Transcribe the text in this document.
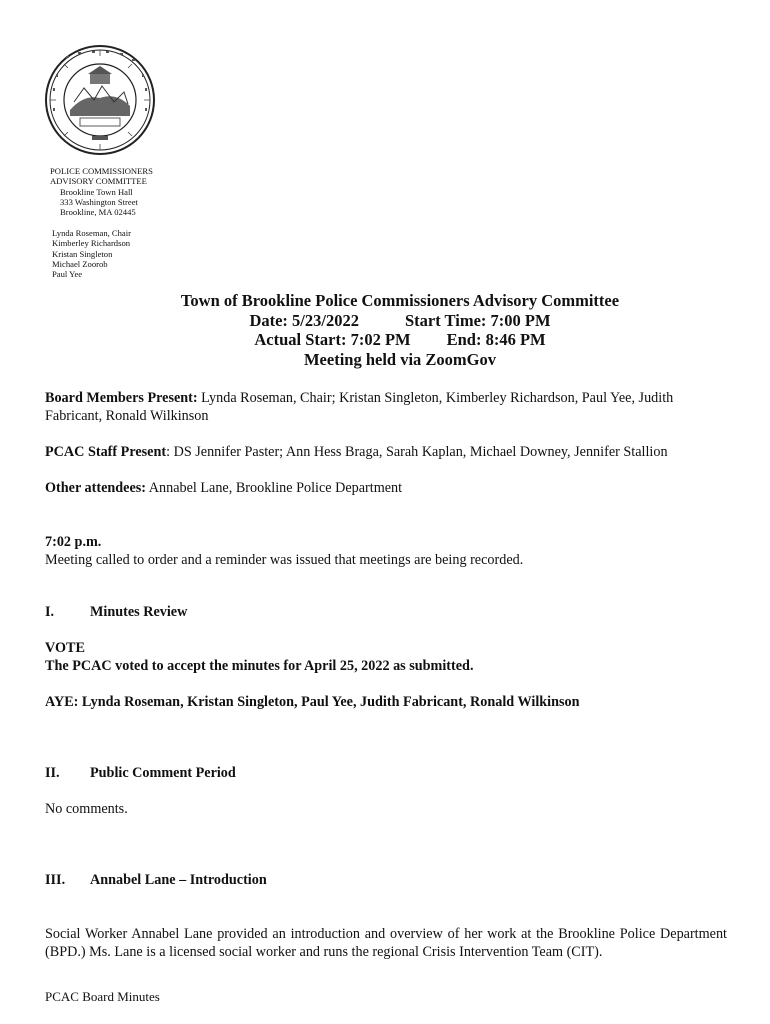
POLICE COMMISSIONERS
ADVISORY COMMITTEE
Brookline Town Hall
333 Washington Street
Brookline, MA 02445
Lynda Roseman, Chair
Kimberley Richardson
Kristan Singleton
Michael Zoorob
Paul Yee
Town of Brookline Police Commissioners Advisory Committee
Date: 5/23/2022	Start Time: 7:00 PM
Actual Start: 7:02 PM End: 8:46 PM
Meeting held via ZoomGov
Board Members Present: Lynda Roseman, Chair; Kristan Singleton, Kimberley Richardson, Paul Yee, Judith Fabricant, Ronald Wilkinson
PCAC Staff Present: DS Jennifer Paster; Ann Hess Braga, Sarah Kaplan, Michael Downey, Jennifer Stallion
Other attendees: Annabel Lane, Brookline Police Department
7:02 p.m.
Meeting called to order and a reminder was issued that meetings are being recorded.
I.	Minutes Review
VOTE
The PCAC voted to accept the minutes for April 25, 2022 as submitted.
AYE: Lynda Roseman, Kristan Singleton, Paul Yee, Judith Fabricant, Ronald Wilkinson
II. Public Comment Period
No comments.
III. Annabel Lane – Introduction
Social Worker Annabel Lane provided an introduction and overview of her work at the Brookline Police Department (BPD.) Ms. Lane is a licensed social worker and runs the regional Crisis Intervention Team (CIT).
PCAC Board Minutes
